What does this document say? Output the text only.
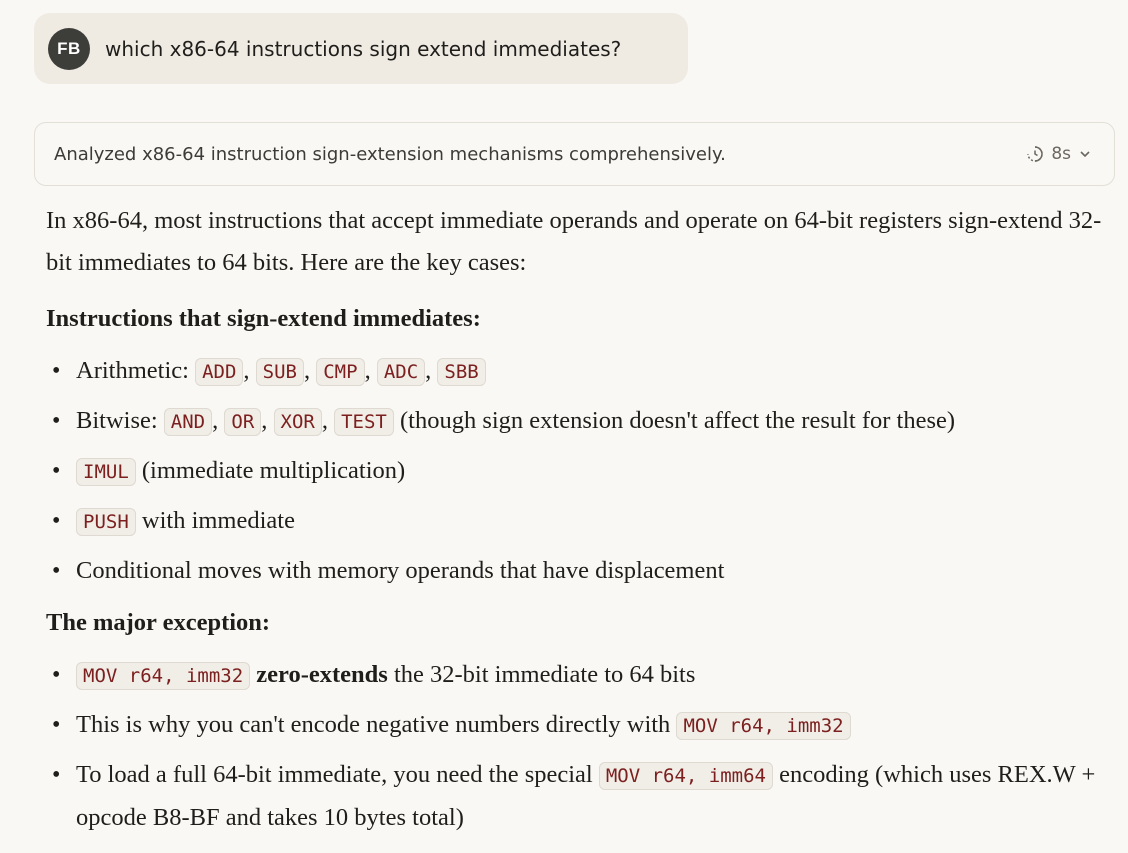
FB	which x86-64 instructions sign extend immediates?
Analyzed x86-64 instruction sign-extension mechanisms comprehensively.	8s

In x86-64, most instructions that accept immediate operands and operate on 64-bit registers sign-extend 32-bit immediates to 64 bits. Here are the key cases:

Instructions that sign-extend immediates:

• Arithmetic: ADD , SUB , CMP , ADC , SBB
• Bitwise: AND , OR , XOR , TEST (though sign extension doesn't affect the result for these)
• IMUL (immediate multiplication)
• PUSH with immediate
• Conditional moves with memory operands that have displacement

The major exception:

• MOV r64, imm32 zero-extends the 32-bit immediate to 64 bits
• This is why you can't encode negative numbers directly with MOV r64, imm32
• To load a full 64-bit immediate, you need the special MOV r64, imm64 encoding (which uses REX.W + opcode B8-BF and takes 10 bytes total)
